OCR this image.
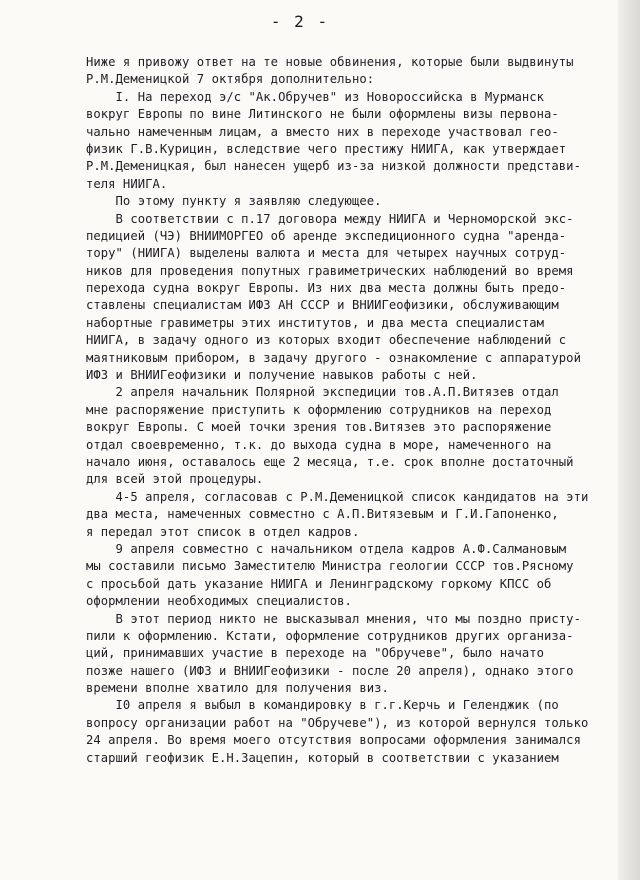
- 2 -
Ниже я привожу ответ на те новые обвинения, которые были выдвинуты
Р.М.Деменицкой 7 октября дополнительно:
I. На переход э/с "Ак.Обручев" из Новороссийска в Мурманск
вокруг Европы по вине Литинского не были оформлены визы первона-
чально намеченным лицам, а вместо них в переходе участвовал гео-
физик Г.В.Курицин, вследствие чего престижу НИИГА, как утверждает
Р.М.Деменицкая, был нанесен ущерб из-за низкой должности представи-
теля НИИГА.
По этому пункту я заявляю следующее.
В соответствии с п.17 договора между НИИГА и Черноморской экс-
педицией (ЧЭ) ВНИИМОРГЕО об аренде экспедиционного судна "аренда-
тору" (НИИГА) выделены валюта и места для четырех научных сотруд-
ников для проведения попутных гравиметрических наблюдений во время
перехода судна вокруг Европы. Из них два места должны быть предо-
ставлены специалистам ИФЗ АН СССР и ВНИИГеофизики, обслуживающим
набортные гравиметры этих институтов, и два места специалистам
НИИГА, в задачу одного из которых входит обеспечение наблюдений с
маятниковым прибором, в задачу другого - ознакомление с аппаратурой
ИФЗ и ВНИИГеофизики и получение навыков работы с ней.
2 апреля начальник Полярной экспедиции тов.А.П.Витязев отдал
мне распоряжение приступить к оформлению сотрудников на переход
вокруг Европы. С моей точки зрения тов.Витязев это распоряжение
отдал своевременно, т.к. до выхода судна в море, намеченного на
начало июня, оставалось еще 2 месяца, т.е. срок вполне достаточный
для всей этой процедуры.
4-5 апреля, согласовав с Р.М.Деменицкой список кандидатов на эти
два места, намеченных совместно с А.П.Витязевым и Г.И.Гапоненко,
я передал этот список в отдел кадров.
9 апреля совместно с начальником отдела кадров А.Ф.Салмановым
мы составили письмо Заместителю Министра геологии СССР тов.Рясному
с просьбой дать указание НИИГА и Ленинградскому горкому КПСС об
оформлении необходимых специалистов.
В этот период никто не высказывал мнения, что мы поздно присту-
пили к оформлению. Кстати, оформление сотрудников других организа-
ций, принимавших участие в переходе на "Обручеве", было начато
позже нашего (ИФЗ и ВНИИГеофизики - после 20 апреля), однако этого
времени вполне хватило для получения виз.
I0 апреля я выбыл в командировку в г.г.Керчь и Геленджик (по
вопросу организации работ на "Обручеве"), из которой вернулся только
24 апреля. Во время моего отсутствия вопросами оформления занимался
старший геофизик Е.Н.Зацепин, который в соответствии с указанием
